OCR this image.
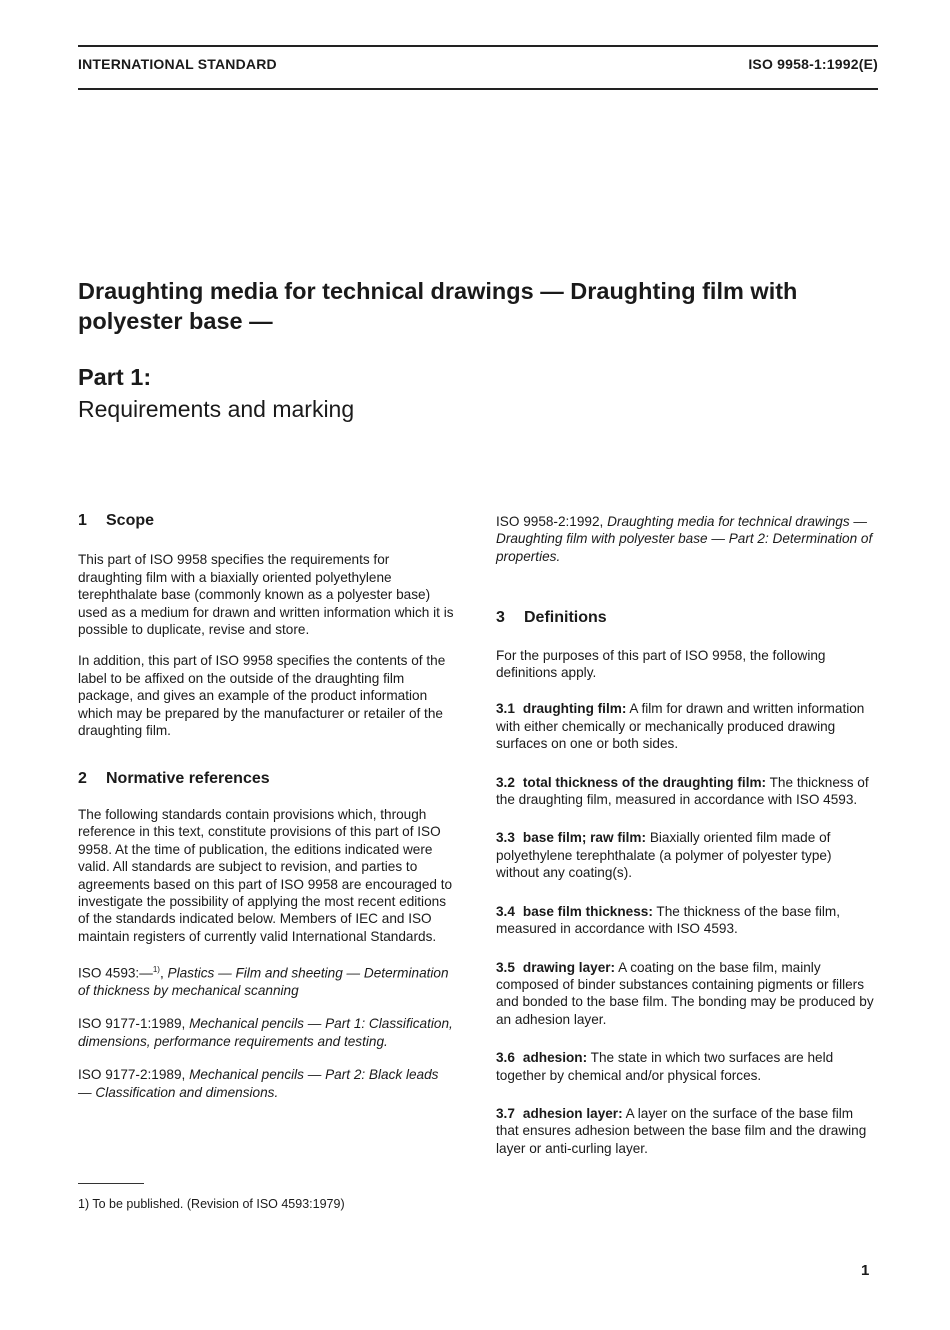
INTERNATIONAL STANDARD	ISO 9958-1:1992(E)
Draughting media for technical drawings — Draughting film with polyester base —
Part 1:
Requirements and marking
1 Scope

This part of ISO 9958 specifies the requirements for draughting film with a biaxially oriented polyethylene terephthalate base (commonly known as a polyester base) used as a medium for drawn and written information which it is possible to duplicate, revise and store.

In addition, this part of ISO 9958 specifies the contents of the label to be affixed on the outside of the draughting film package, and gives an example of the product information which may be prepared by the manufacturer or retailer of the draughting film.

2 Normative references

The following standards contain provisions which, through reference in this text, constitute provisions of this part of ISO 9958. At the time of publication, the editions indicated were valid. All standards are subject to revision, and parties to agreements based on this part of ISO 9958 are encouraged to investigate the possibility of applying the most recent editions of the standards indicated below. Members of IEC and ISO maintain registers of currently valid International Standards.

ISO 4593:—$^{1)}$, Plastics — Film and sheeting — Determination of thickness by mechanical scanning

ISO 9177-1:1989, Mechanical pencils — Part 1: Classification, dimensions, performance requirements and testing.

ISO 9177-2:1989, Mechanical pencils — Part 2: Black leads — Classification and dimensions.

ISO 9958-2:1992, Draughting media for technical drawings — Draughting film with polyester base — Part 2: Determination of properties.

3 Definitions

For the purposes of this part of ISO 9958, the following definitions apply.

3.1 draughting film: A film for drawn and written information with either chemically or mechanically produced drawing surfaces on one or both sides.

3.2 total thickness of the draughting film: The thickness of the draughting film, measured in accordance with ISO 4593.

3.3 base film; raw film: Biaxially oriented film made of polyethylene terephthalate (a polymer of polyester type) without any coating(s).

3.4 base film thickness: The thickness of the base film, measured in accordance with ISO 4593.

3.5 drawing layer: A coating on the base film, mainly composed of binder substances containing pigments or fillers and bonded to the base film. The bonding may be produced by an adhesion layer.

3.6 adhesion: The state in which two surfaces are held together by chemical and/or physical forces.

3.7 adhesion layer: A layer on the surface of the base film that ensures adhesion between the base film and the drawing layer or anti-curling layer.

1) To be published. (Revision of ISO 4593:1979)
1
